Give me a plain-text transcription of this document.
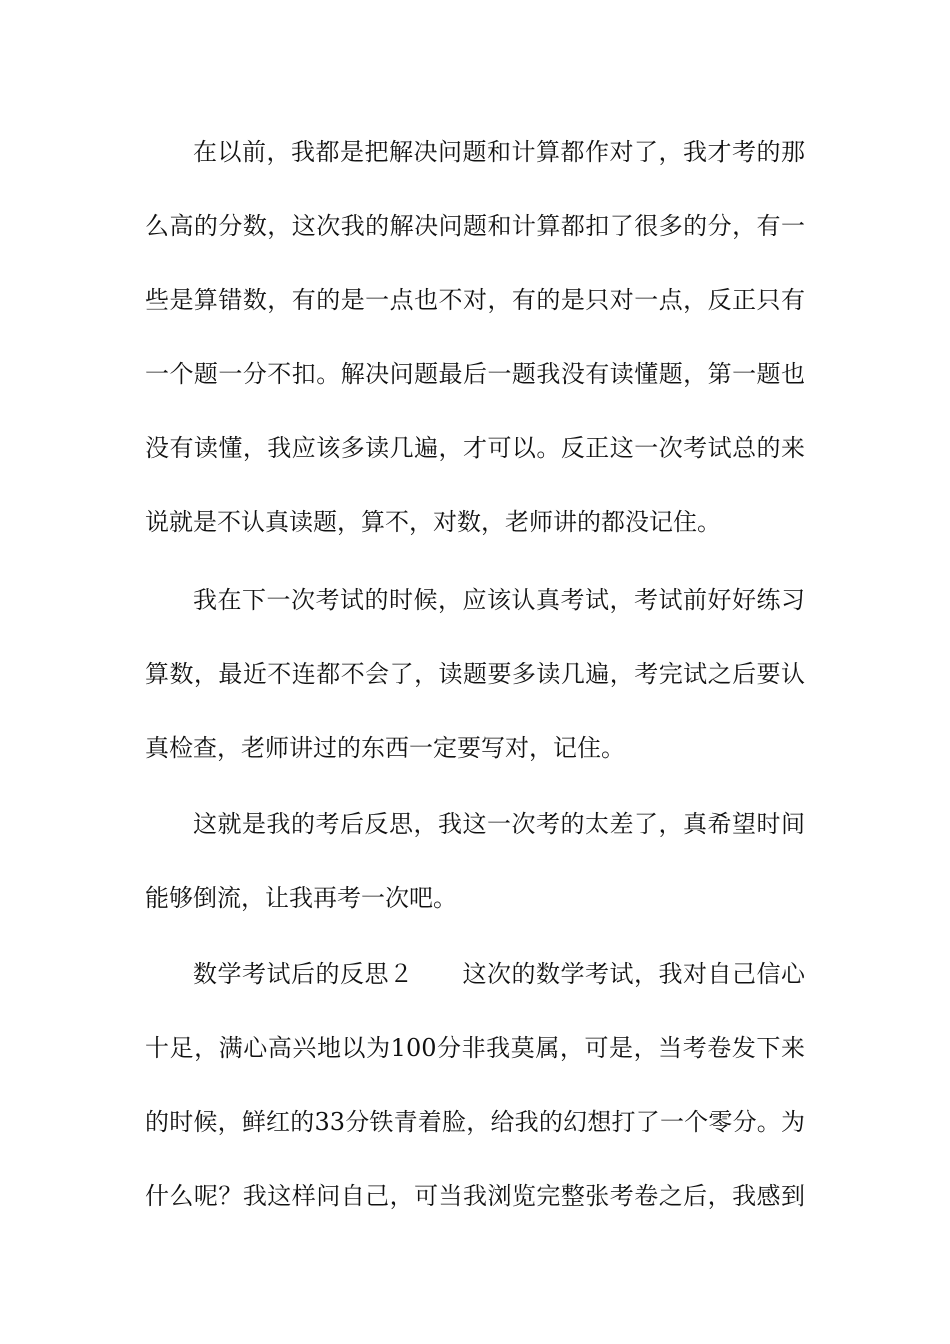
在以前，我都是把解决问题和计算都作对了，我才考的那
么高的分数，这次我的解决问题和计算都扣了很多的分，有一
些是算错数，有的是一点也不对，有的是只对一点，反正只有
一个题一分不扣。解决问题最后一题我没有读懂题，第一题也
没有读懂，我应该多读几遍，才可以。反正这一次考试总的来
说就是不认真读题，算不，对数，老师讲的都没记住。
我在下一次考试的时候，应该认真考试，考试前好好练习
算数，最近不连都不会了，读题要多读几遍，考完试之后要认
真检查，老师讲过的东西一定要写对，记住。
这就是我的考后反思，我这一次考的太差了，真希望时间
能够倒流，让我再考一次吧。
数学考试后的反思２　　这次的数学考试，我对自己信心
十足，满心高兴地以为100分非我莫属，可是，当考卷发下来
的时候，鲜红的33分铁青着脸，给我的幻想打了一个零分。为
什么呢？我这样问自己，可当我浏览完整张考卷之后，我感到
